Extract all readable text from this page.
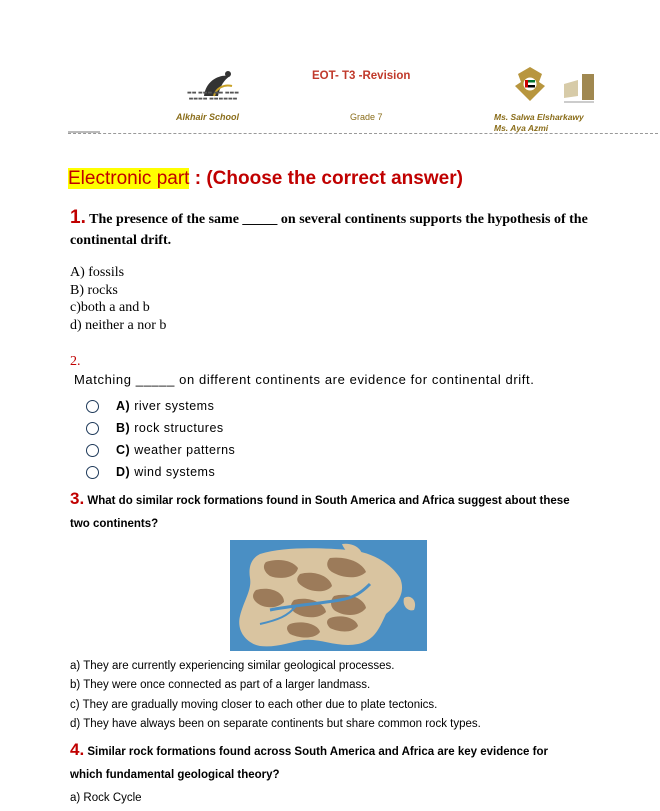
▬▬ ▬▬▬ ▬▬ ▬▬▬
▬▬▬▬ ▬▬▬▬▬▬
EOT- T3 -Revision
Alkhair School	Grade 7	Ms. Salwa Elsharkawy
Ms. Aya Azmi
Electronic part : (Choose the correct answer)
1. The presence of the same _____ on several continents supports the hypothesis of the continental drift.
A) fossils
B) rocks
c)both a and b
d) neither a nor b
2.
Matching _____ on different continents are evidence for continental drift.
A) river systems
B) rock structures
C) weather patterns
D) wind systems
3. What do similar rock formations found in South America and Africa suggest about these two continents?
a) They are currently experiencing similar geological processes.
b) They were once connected as part of a larger landmass.
c) They are gradually moving closer to each other due to plate tectonics.
d) They have always been on separate continents but share common rock types.
4. Similar rock formations found across South America and Africa are key evidence for which fundamental geological theory?
a) Rock Cycle
